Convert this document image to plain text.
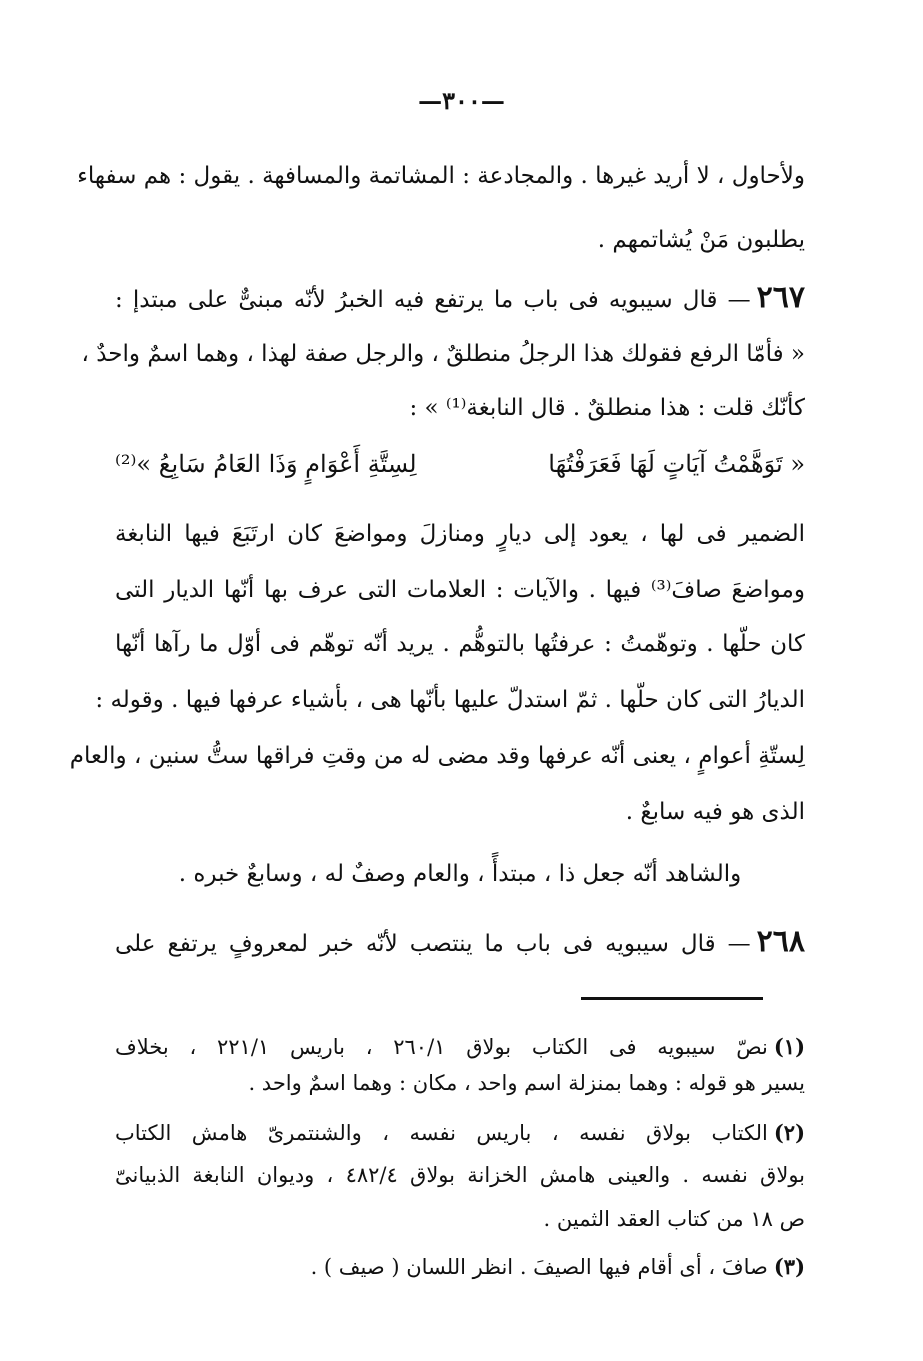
—٣٠٠—
ولأحاول ، لا أريد غيرها . والمجادعة : المشاتمة والمسافهة . يقول : هم سفهاء
يطلبون مَنْ يُشاتمهم .
٢٦٧— قال سيبويه فى باب ما يرتفع فيه الخبرُ لأنّه مبنىٌّ على مبتدإ :
« فأمّا الرفع فقولك هذا الرجلُ منطلقٌ ، والرجل صفة لهذا ، وهما اسمٌ واحدٌ ،
كأنّك قلت : هذا منطلقٌ . قال النابغة⁽¹⁾ » :
« تَوَهَّمْتُ آيَاتٍ لَهَا فَعَرَفْتُهَا
لِسِتَّةِ أَعْوَامٍ وَذَا العَامُ سَابِعُ »⁽²⁾
الضمير فى لها ، يعود إلى ديارٍ ومنازلَ ومواضعَ كان ارتَبَعَ فيها النابغة
ومواضعَ صافَ⁽³⁾ فيها . والآيات : العلامات التى عرف بها أنّها الديار التى
كان حلّها . وتوهّمتُ : عرفتُها بالتوهُّم . يريد أنّه توهّم فى أوّل ما رآها أنّها
الديارُ التى كان حلّها . ثمّ استدلّ عليها بأنّها هى ، بأشياء عرفها فيها . وقوله :
لِستّةِ أعوامٍ ، يعنى أنّه عرفها وقد مضى له من وقتِ فراقها ستُّ سنين ، والعام
الذى هو فيه سابعٌ .
والشاهد أنّه جعل ذا ، مبتدأً ، والعام وصفٌ له ، وسابعٌ خبره .
٢٦٨— قال سيبويه فى باب ما ينتصب لأنّه خبر لمعروفٍ يرتفع على
(١)نصّ سيبويه فى الكتاب بولاق ٢٦٠/١ ، باريس ٢٢١/١ ، بخلاف
يسير هو قوله : وهما بمنزلة اسم واحد ، مكان : وهما اسمٌ واحد .
(٢)الكتاب بولاق نفسه ، باريس نفسه ، والشنتمرىّ هامش الكتاب
بولاق نفسه . والعينى هامش الخزانة بولاق ٤٨٢/٤ ، وديوان النابغة الذبيانىّ
ص ١٨ من كتاب العقد الثمين .
(٣)صافَ ، أى أقام فيها الصيفَ . انظر اللسان ( صيف ) .
